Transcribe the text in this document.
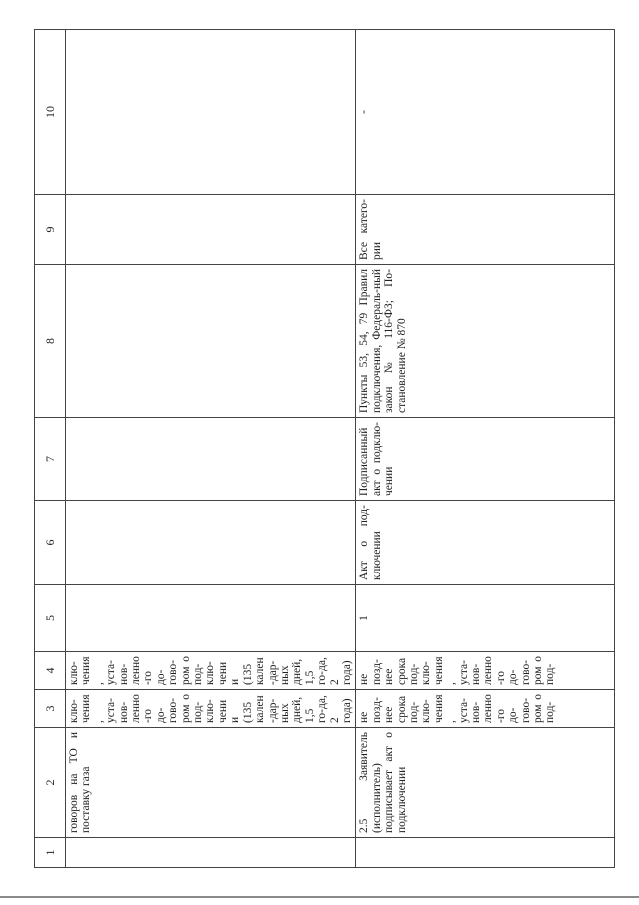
1	2	3	4	5	6	7	8	9	10
	говоров на ТО и поставку газа	клю-чения, уста-нов-ленно-го до-гово-ром о под-клю-чении (135 кален-дар-ных дней, 1,5 го-да, 2 года)	клю-чения, уста-нов-ленно-го до-гово-ром о под-клю-чении (135 кален-дар-ных дней, 1,5 го-да, 2 года)						
	2.5 Заявитель (исполнитель) подписывает акт о подключении	не позд-нее срока под-клю-чения, уста-нов-ленно-го до-гово-ром о под-	не позд-нее срока под-клю-чения, уста-нов-ленно-го до-гово-ром о под-	1	Акт о под-ключении	Подписанный акт о подклю-чении	Пункты 53, 54, 79 Правил подключения, Федераль-ный закон № 116-ФЗ; По-становление № 870	Все катего-рии	-
